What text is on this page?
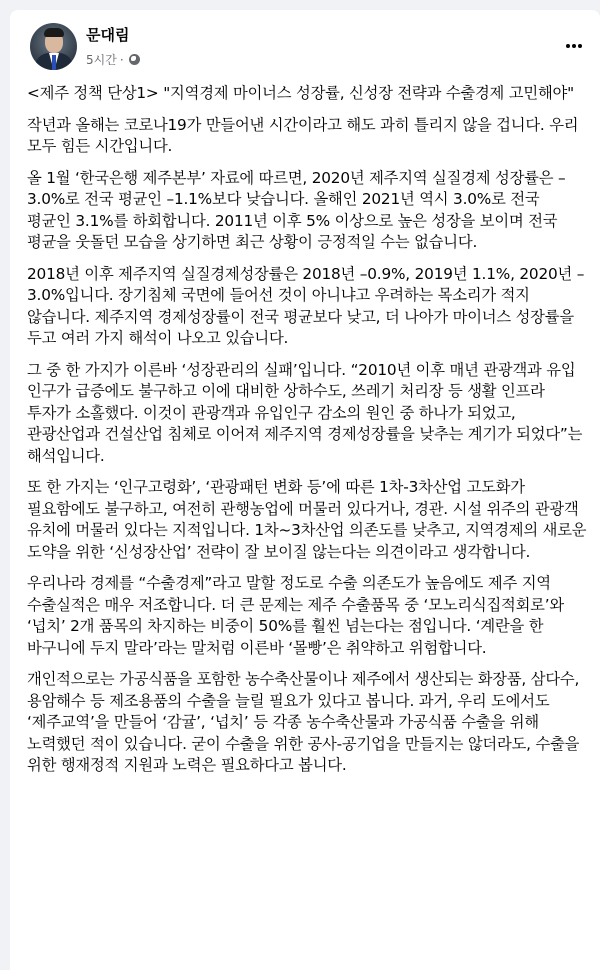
문대림
5시간 ·

<제주 정책 단상1> "지역경제 마이너스 성장률, 신성장 전략과 수출경제 고민해야"

작년과 올해는 코로나19가 만들어낸 시간이라고 해도 과히 틀리지 않을 겁니다. 우리 모두 힘든 시간입니다.

올 1월 ‘한국은행 제주본부’ 자료에 따르면, 2020년 제주지역 실질경제 성장률은 –3.0%로 전국 평균인 –1.1%보다 낮습니다. 올해인 2021년 역시 3.0%로 전국 평균인 3.1%를 하회합니다. 2011년 이후 5% 이상으로 높은 성장을 보이며 전국 평균을 웃돌던 모습을 상기하면 최근 상황이 긍정적일 수는 없습니다.

2018년 이후 제주지역 실질경제성장률은 2018년 –0.9%, 2019년 1.1%, 2020년 –3.0%입니다. 장기침체 국면에 들어선 것이 아니냐고 우려하는 목소리가 적지 않습니다. 제주지역 경제성장률이 전국 평균보다 낮고, 더 나아가 마이너스 성장률을 두고 여러 가지 해석이 나오고 있습니다.

그 중 한 가지가 이른바 ‘성장관리의 실패’입니다. “2010년 이후 매년 관광객과 유입 인구가 급증에도 불구하고 이에 대비한 상하수도, 쓰레기 처리장 등 생활 인프라 투자가 소홀했다. 이것이 관광객과 유입인구 감소의 원인 중 하나가 되었고, 관광산업과 건설산업 침체로 이어져 제주지역 경제성장률을 낮추는 계기가 되었다”는 해석입니다.

또 한 가지는 ‘인구고령화’, ‘관광패턴 변화 등’에 따른 1차-3차산업 고도화가 필요함에도 불구하고, 여전히 관행농업에 머물러 있다거나, 경관. 시설 위주의 관광객 유치에 머물러 있다는 지적입니다. 1차~3차산업 의존도를 낮추고, 지역경제의 새로운 도약을 위한 ‘신성장산업’ 전략이 잘 보이질 않는다는 의견이라고 생각합니다.

우리나라 경제를 “수출경제”라고 말할 정도로 수출 의존도가 높음에도 제주 지역 수출실적은 매우 저조합니다. 더 큰 문제는 제주 수출품목 중 ‘모노리식집적회로’와 ‘넙치’ 2개 품목의 차지하는 비중이 50%를 훨씬 넘는다는 점입니다. ‘계란을 한 바구니에 두지 말라’라는 말처럼 이른바 ‘몰빵’은 취약하고 위험합니다.

개인적으로는 가공식품을 포함한 농수축산물이나 제주에서 생산되는 화장품, 삼다수, 용암해수 등 제조용품의 수출을 늘릴 필요가 있다고 봅니다. 과거, 우리 도에서도 ‘제주교역’을 만들어 ‘감귤’, ‘넙치’ 등 각종 농수축산물과 가공식품 수출을 위해 노력했던 적이 있습니다. 굳이 수출을 위한 공사-공기업을 만들지는 않더라도, 수출을 위한 행재정적 지원과 노력은 필요하다고 봅니다.
